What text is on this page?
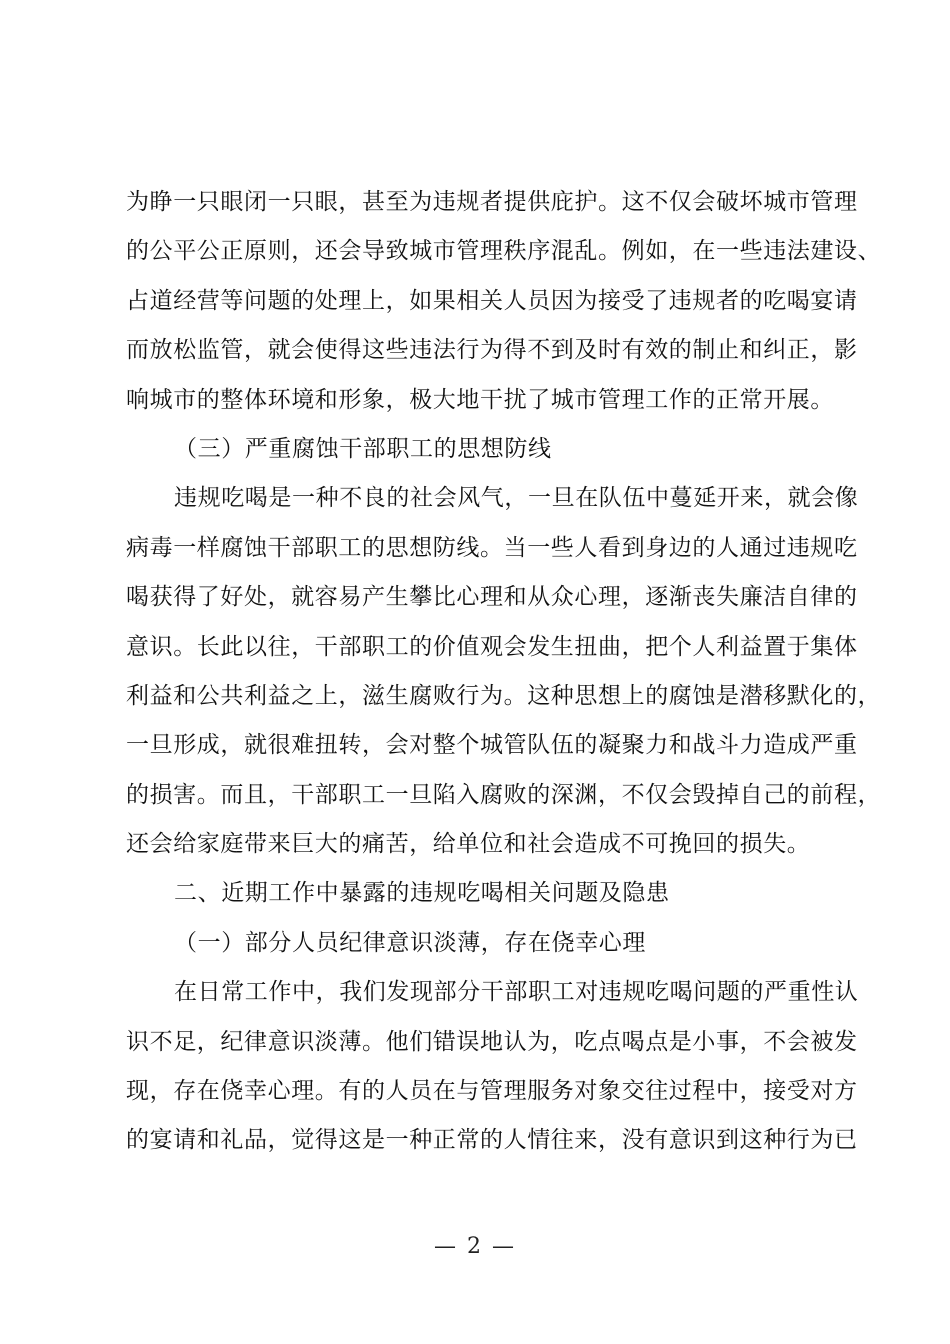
为睁一只眼闭一只眼，甚至为违规者提供庇护。这不仅会破坏城市管理
的公平公正原则，还会导致城市管理秩序混乱。例如，在一些违法建设、
占道经营等问题的处理上，如果相关人员因为接受了违规者的吃喝宴请
而放松监管，就会使得这些违法行为得不到及时有效的制止和纠正，影
响城市的整体环境和形象，极大地干扰了城市管理工作的正常开展。
（三）严重腐蚀干部职工的思想防线
违规吃喝是一种不良的社会风气，一旦在队伍中蔓延开来，就会像
病毒一样腐蚀干部职工的思想防线。当一些人看到身边的人通过违规吃
喝获得了好处，就容易产生攀比心理和从众心理，逐渐丧失廉洁自律的
意识。长此以往，干部职工的价值观会发生扭曲，把个人利益置于集体
利益和公共利益之上，滋生腐败行为。这种思想上的腐蚀是潜移默化的，
一旦形成，就很难扭转，会对整个城管队伍的凝聚力和战斗力造成严重
的损害。而且，干部职工一旦陷入腐败的深渊，不仅会毁掉自己的前程，
还会给家庭带来巨大的痛苦，给单位和社会造成不可挽回的损失。
二、近期工作中暴露的违规吃喝相关问题及隐患
（一）部分人员纪律意识淡薄，存在侥幸心理
在日常工作中，我们发现部分干部职工对违规吃喝问题的严重性认
识不足，纪律意识淡薄。他们错误地认为，吃点喝点是小事，不会被发
现，存在侥幸心理。有的人员在与管理服务对象交往过程中，接受对方
的宴请和礼品，觉得这是一种正常的人情往来，没有意识到这种行为已
— 2 —
